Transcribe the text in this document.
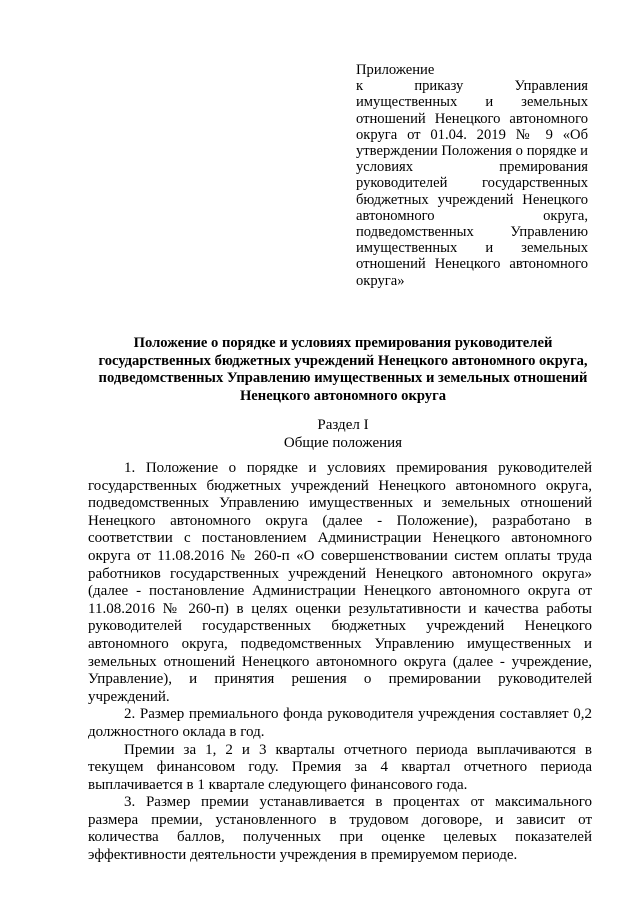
Приложение
к приказу Управления имущественных и земельных отношений Ненецкого автономного округа от 01.04. 2019 № 9 «Об утверждении Положения о порядке и условиях премирования руководителей государственных бюджетных учреждений Ненецкого автономного округа, подведомственных Управлению имущественных и земельных отношений Ненецкого автономного округа»
Положение о порядке и условиях премирования руководителей государственных бюджетных учреждений Ненецкого автономного округа, подведомственных Управлению имущественных и земельных отношений Ненецкого автономного округа
Раздел I
Общие положения

1. Положение о порядке и условиях премирования руководителей государственных бюджетных учреждений Ненецкого автономного округа, подведомственных Управлению имущественных и земельных отношений Ненецкого автономного округа (далее - Положение), разработано в соответствии с постановлением Администрации Ненецкого автономного округа от 11.08.2016 № 260-п «О совершенствовании систем оплаты труда работников государственных учреждений Ненецкого автономного округа» (далее - постановление Администрации Ненецкого автономного округа от 11.08.2016 № 260-п) в целях оценки результативности и качества работы руководителей государственных бюджетных учреждений Ненецкого автономного округа, подведомственных Управлению имущественных и земельных отношений Ненецкого автономного округа (далее - учреждение, Управление), и принятия решения о премировании руководителей учреждений.

2. Размер премиального фонда руководителя учреждения составляет 0,2 должностного оклада в год.

Премии за 1, 2 и 3 кварталы отчетного периода выплачиваются в текущем финансовом году. Премия за 4 квартал отчетного периода выплачивается в 1 квартале следующего финансового года.

3. Размер премии устанавливается в процентах от максимального размера премии, установленного в трудовом договоре, и зависит от количества баллов, полученных при оценке целевых показателей эффективности деятельности учреждения в премируемом периоде.
